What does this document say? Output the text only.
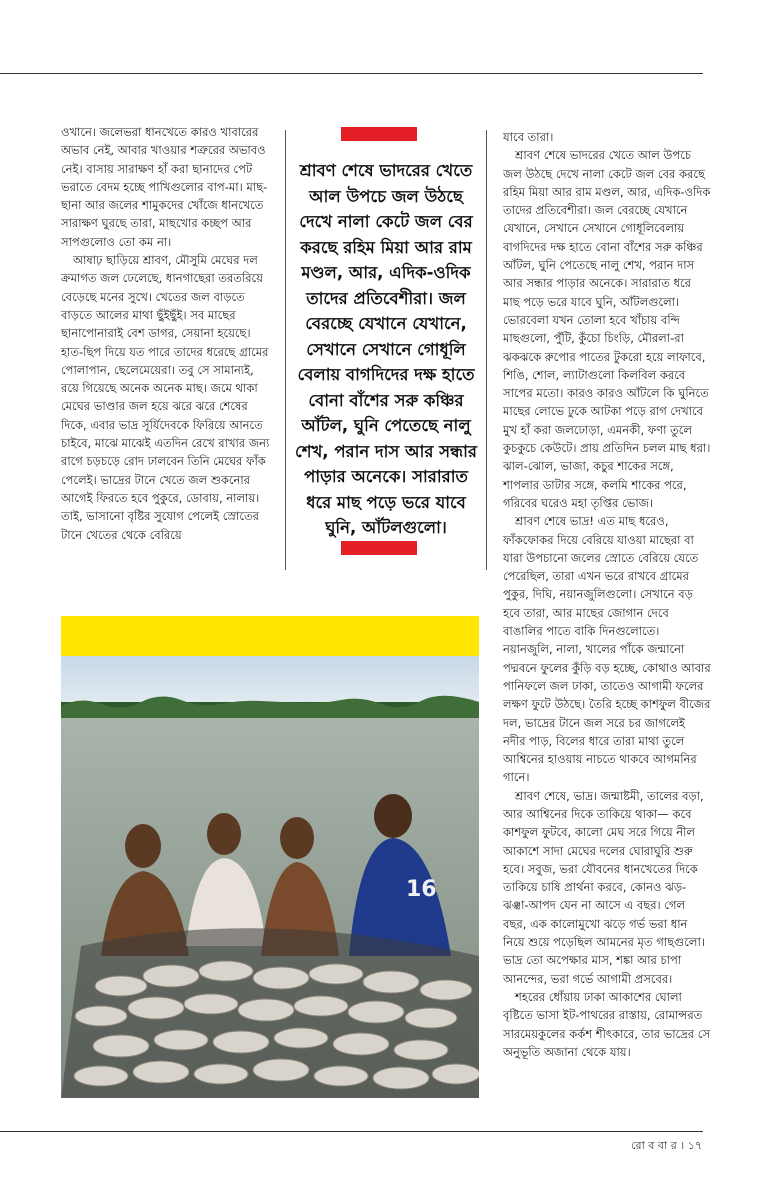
ওখানে। জলেভরা ধানখেতে কারও খাবারের অভাব নেই, আবার খাওয়ার শত্রুরের অভাবও নেই। বাসায় সারাক্ষণ হাঁ করা ছানাদের পেট ভরাতে বেদম হচ্ছে পাখিগুলোর বাপ-মা। মাছ-ছানা আর জলের শামুকদের খোঁজে ধানখেতে সারাক্ষণ ঘুরছে তারা, মাছখোর কচ্ছপ আর সাপগুলোও তো কম না।

আষাঢ় ছাড়িয়ে শ্রাবণ, মৌসুমি মেঘের দল ক্রমাগত জল ঢেলেছে, ধানগাছেরা তরতরিয়ে বেড়েছে মনের সুখে। খেতের জল বাড়তে বাড়তে আলের মাথা ছুঁইছুঁই। সব মাছের ছানাপোনারাই বেশ ডাগর, সেয়ানা হয়েছে। হাত-ছিপ দিয়ে যত পারে তাদের ধরেছে গ্রামের পোলাপান, ছেলেমেয়েরা। তবু সে সামান্যই, রয়ে গিয়েছে অনেক অনেক মাছ। জমে থাকা মেঘের ভাণ্ডার জল হয়ে ঝরে ঝরে শেষের দিকে, এবার ভাদ্র সূর্যিদেবকে ফিরিয়ে আনতে চাইবে, মাঝে মাঝেই এতদিন রেখে রাখার জন্য রাগে চড়চড়ে রোদ ঢালবেন তিনি মেঘের ফাঁক পেলেই। ভাদ্রের টানে খেতে জল শুকনোর আগেই ফিরতে হবে পুকুরে, ডোবায়, নালায়। তাই, ভাসানো বৃষ্টির সুযোগ পেলেই স্রোতের টানে খেতের থেকে বেরিয়ে

শ্রাবণ শেষে ভাদরের খেতে আল উপচে জল উঠছে দেখে নালা কেটে জল বের করছে রহিম মিয়া আর রাম মণ্ডল, আর, এদিক-ওদিক তাদের প্রতিবেশীরা। জল বেরচ্ছে যেখানে যেখানে, সেখানে সেখানে গোধূলি বেলায় বাগদিদের দক্ষ হাতে বোনা বাঁশের সরু কঞ্চির আঁটল, ঘুনি পেতেছে নালু শেখ, পরান দাস আর সন্ধার পাড়ার অনেকে। সারারাত ধরে মাছ পড়ে ভরে যাবে ঘুনি, আঁটলগুলো।

যাবে তারা।

শ্রাবণ শেষে ভাদরের খেতে আল উপচে জল উঠছে দেখে নালা কেটে জল বের করছে রহিম মিয়া আর রাম মণ্ডল, আর, এদিক-ওদিক তাদের প্রতিবেশীরা। জল বেরচ্ছে যেখানে যেখানে, সেখানে সেখানে গোধূলিবেলায় বাগদিদের দক্ষ হাতে বোনা বাঁশের সরু কঞ্চির আঁটল, ঘুনি পেতেছে নালু শেখ, পরান দাস আর সন্ধার পাড়ার অনেকে। সারারাত ধরে মাছ পড়ে ভরে যাবে ঘুনি, আঁটলগুলো। ভোরবেলা যখন তোলা হবে খাঁচায় বন্দি মাছগুলো, পুঁটি, কুঁচো চিংড়ি, মৌরলা-রা ঝকঝকে রুপোর পাতের টুকরো হয়ে লাফাবে, শিঙি, শোল, ল্যাটাগুলো কিলবিল করবে সাপের মতো। কারও কারও আঁটলে কি ঘুনিতে মাছের লোভে ঢুকে আটকা পড়ে রাগ দেখাবে মুখ হাঁ করা জলঢোড়া, এমনকী, ফণা তুলে কুচকুচে কেউটে। প্রায় প্রতিদিন চলল মাছ ধরা। ঝাল-ঝোল, ভাজা, কচুর শাকের সঙ্গে, শাপলার ডাটার সঙ্গে, কলমি শাকের পরে, গরিবের ঘরেও মহা তৃপ্তির ভোজ।

শ্রাবণ শেষে ভাদ্র! এত মাছ ধরেও, ফাঁকফোকর দিয়ে বেরিয়ে যাওয়া মাছেরা বা যারা উপচানো জলের স্রোতে বেরিয়ে যেতে পেরেছিল, তারা এখন ভরে রাখবে গ্রামের পুকুর, দিঘি, নয়ানজুলিগুলো। সেখানে বড় হবে তারা, আর মাছের জোগান দেবে বাঙালির পাতে বাকি দিনগুলোতে। নয়ানজুলি, নালা, খালের পাঁকে জন্মানো পদ্মবনে ফুলের কুঁড়ি বড় হচ্ছে, কোথাও আবার পানিফলে জল ঢাকা, তাতেও আগামী ফলের লক্ষণ ফুটে উঠছে। তৈরি হচ্ছে কাশফুল বীজের দল, ভাদ্রের টানে জল সরে চর জাগলেই নদীর পাড়, বিলের ধারে তারা মাথা তুলে আশ্বিনের হাওয়ায় নাচতে থাকবে আগমনির গানে।

শ্রাবণ শেষে, ভাদ্র। জন্মাষ্টমী, তালের বড়া, আর আশ্বিনের দিকে তাকিয়ে থাকা— কবে কাশফুল ফুটবে, কালো মেঘ সরে গিয়ে নীল আকাশে সাদা মেঘের দলের ঘোরাঘুরি শুরু হবে। সবুজ, ভরা যৌবনের ধানখেতের দিকে তাকিয়ে চাষি প্রার্থনা করবে, কোনও ঝড়-ঝঞ্ঝা-আপদ যেন না আসে এ বছর। গেল বছর, এক কালোমুখো ঝড়ে গর্ভ ভরা ধান নিয়ে শুয়ে পড়েছিল আমনের মৃত গাছগুলো। ভাদ্র তো অপেক্ষার মাস, শঙ্কা আর চাপা আনন্দের, ভরা গর্ভে আগামী প্রসবের।

শহরের ধোঁয়ায় ঢাকা আকাশের ঘোলা বৃষ্টিতে ভাসা ইট-পাথরের রাস্তায়, রোমান্সরত সারমেয়কুলের কর্কশ শীৎকারে, তার ভাদ্রের সে অনুভূতি অজানা থেকে যায়।

16
রো ব বা র । ১৭
